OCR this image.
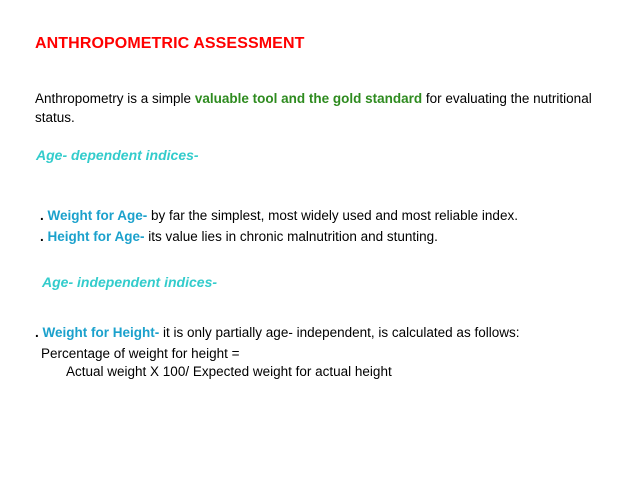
ANTHROPOMETRIC ASSESSMENT
Anthropometry is a simple valuable tool and the gold standard for evaluating the nutritional status.
Age- dependent indices-
. Weight for Age- by far the simplest, most widely used and most reliable index.
. Height for Age- its value lies in chronic malnutrition and stunting.
Age- independent indices-
. Weight for Height- it is only partially age- independent, is calculated as follows:
Percentage of weight for height =
Actual weight X 100/ Expected weight for actual height
